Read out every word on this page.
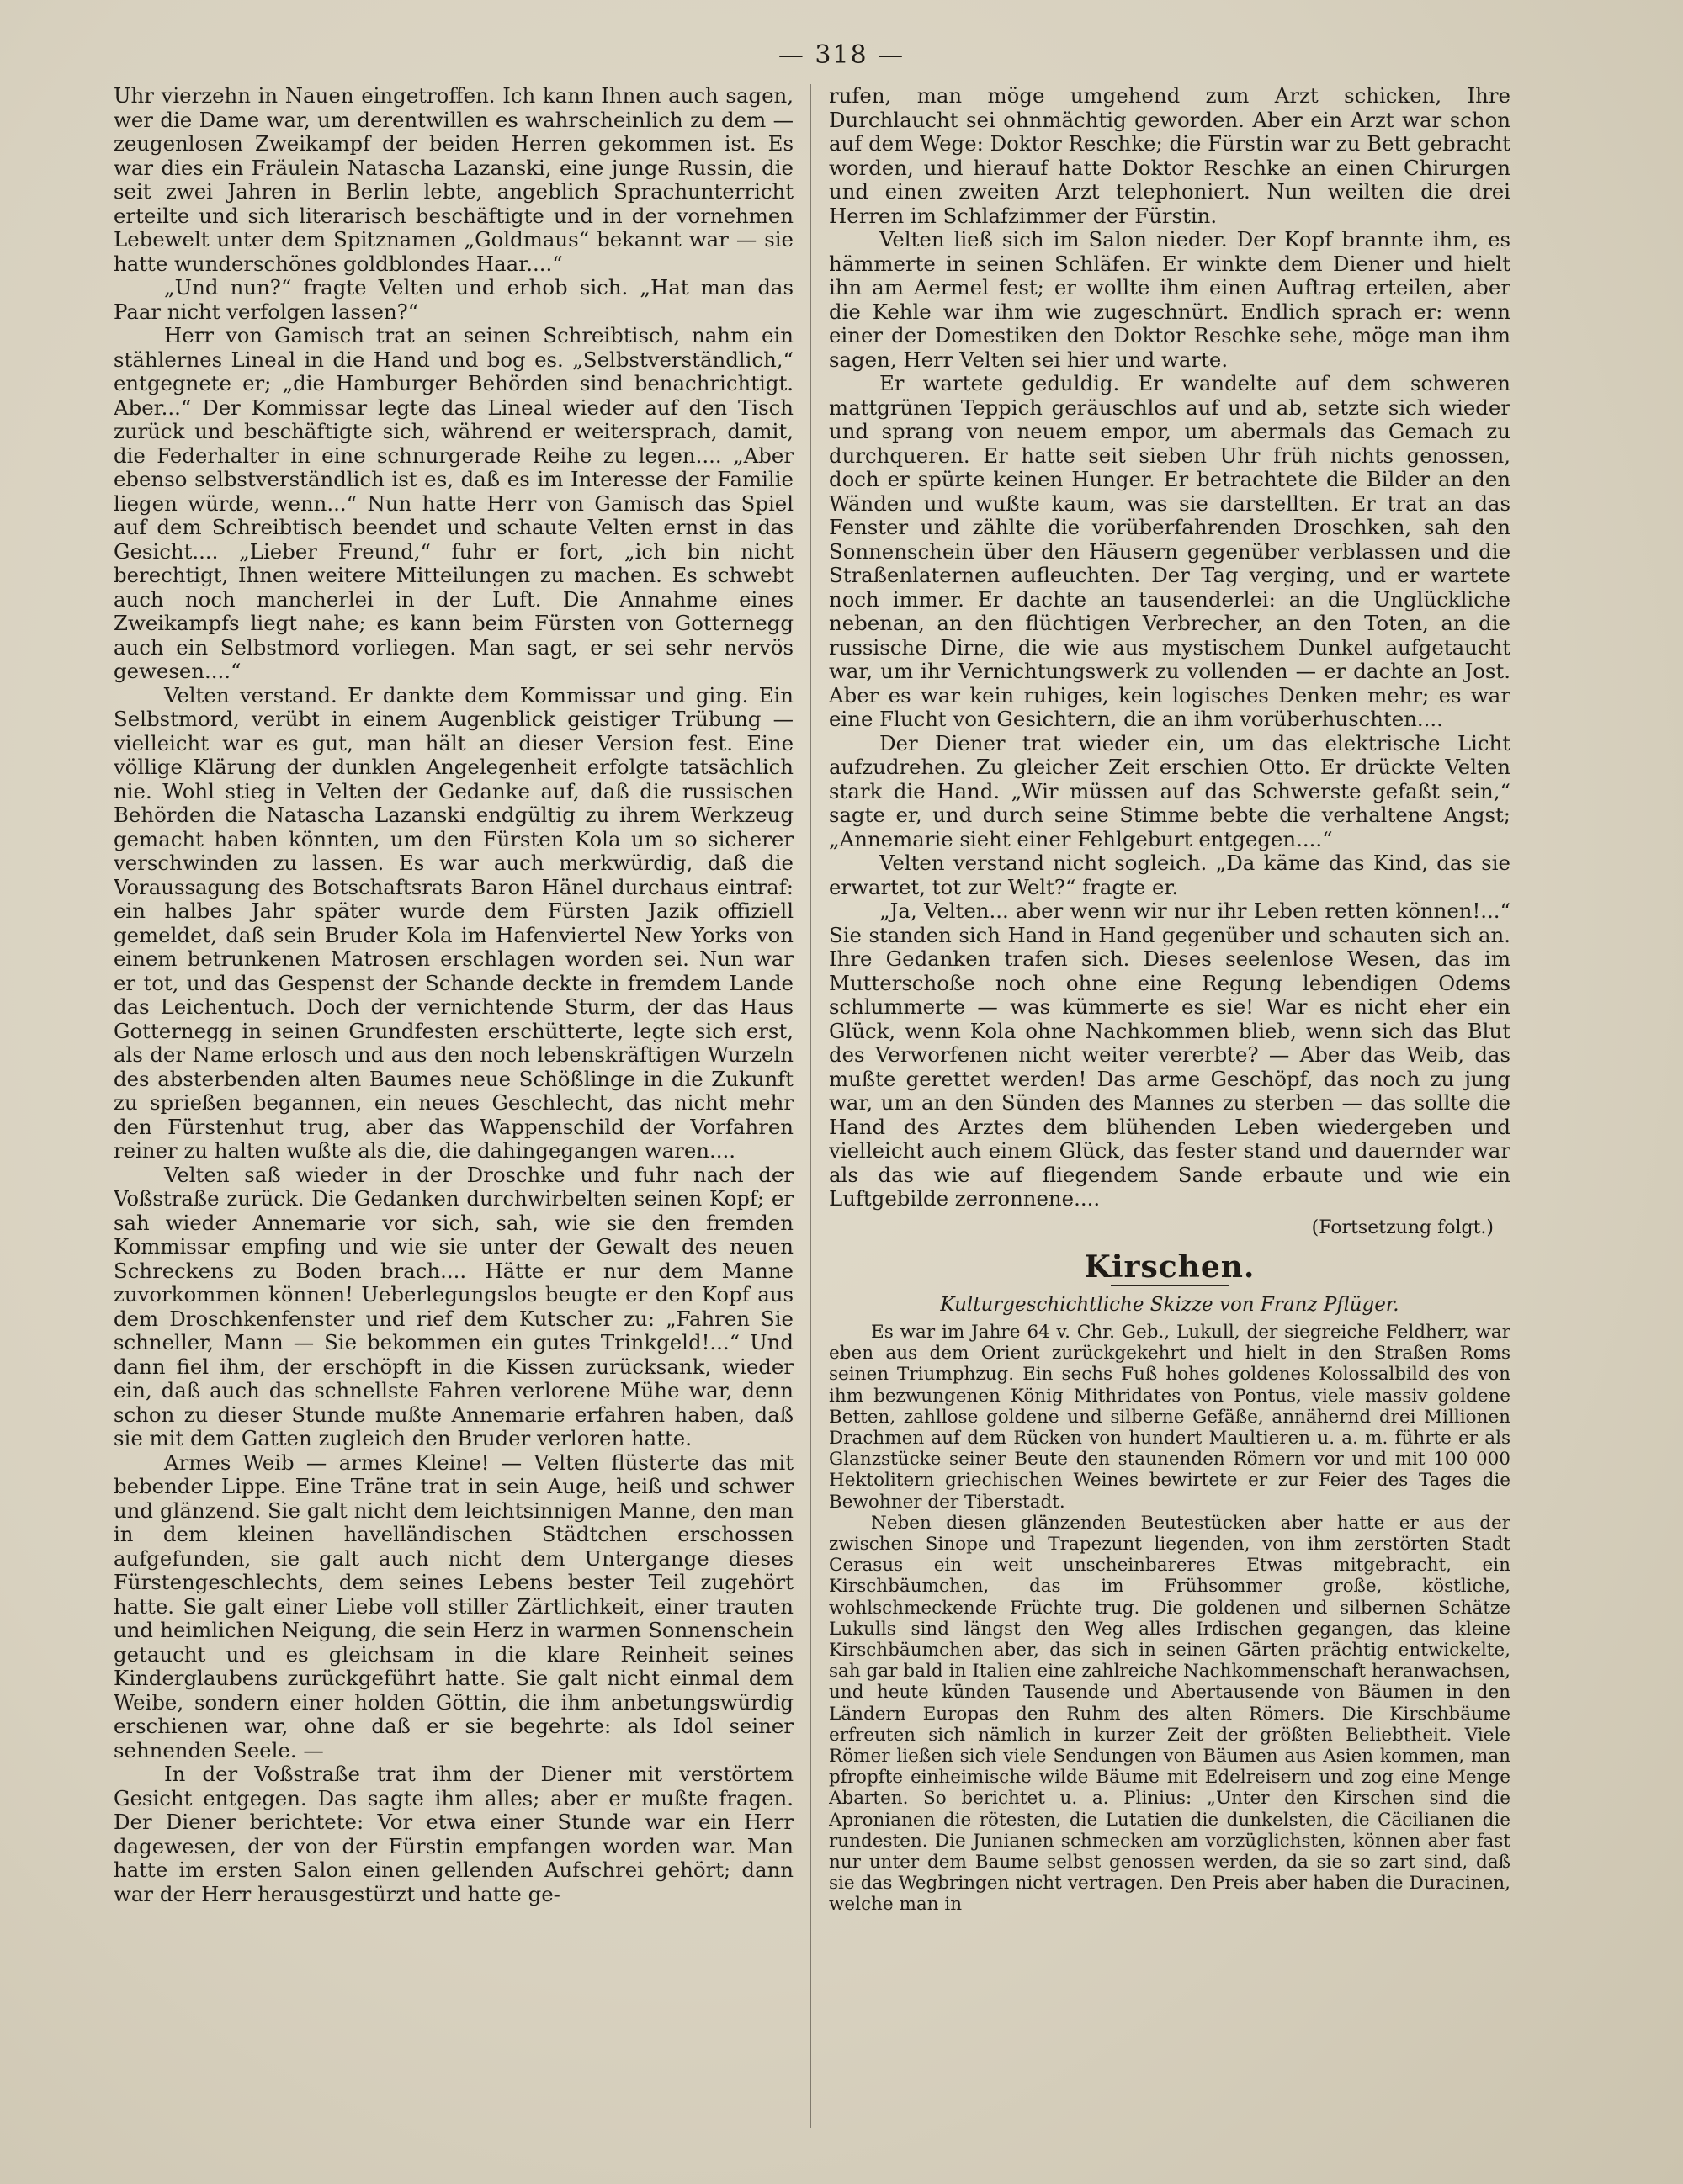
— 318 —

Uhr vierzehn in Nauen eingetroffen. Ich kann Ihnen auch sagen, wer die Dame war, um derentwillen es wahrscheinlich zu dem — zeugenlosen Zweikampf der beiden Herren gekommen ist. Es war dies ein Fräulein Natascha Lazanski, eine junge Russin, die seit zwei Jahren in Berlin lebte, angeblich Sprachunterricht erteilte und sich literarisch beschäftigte und in der vornehmen Lebewelt unter dem Spitznamen „Goldmaus“ bekannt war — sie hatte wunderschönes goldblondes Haar....“

„Und nun?“ fragte Velten und erhob sich. „Hat man das Paar nicht verfolgen lassen?“

Herr von Gamisch trat an seinen Schreibtisch, nahm ein stählernes Lineal in die Hand und bog es. „Selbstverständlich,“ entgegnete er; „die Hamburger Behörden sind benachrichtigt. Aber...“ Der Kommissar legte das Lineal wieder auf den Tisch zurück und beschäftigte sich, während er weitersprach, damit, die Federhalter in eine schnurgerade Reihe zu legen.... „Aber ebenso selbstverständlich ist es, daß es im Interesse der Familie liegen würde, wenn...“ Nun hatte Herr von Gamisch das Spiel auf dem Schreibtisch beendet und schaute Velten ernst in das Gesicht.... „Lieber Freund,“ fuhr er fort, „ich bin nicht berechtigt, Ihnen weitere Mitteilungen zu machen. Es schwebt auch noch mancherlei in der Luft. Die Annahme eines Zweikampfs liegt nahe; es kann beim Fürsten von Gotternegg auch ein Selbstmord vorliegen. Man sagt, er sei sehr nervös gewesen....“

Velten verstand. Er dankte dem Kommissar und ging. Ein Selbstmord, verübt in einem Augenblick geistiger Trübung — vielleicht war es gut, man hält an dieser Version fest. Eine völlige Klärung der dunklen Angelegenheit erfolgte tatsächlich nie. Wohl stieg in Velten der Gedanke auf, daß die russischen Behörden die Natascha Lazanski endgültig zu ihrem Werkzeug gemacht haben könnten, um den Fürsten Kola um so sicherer verschwinden zu lassen. Es war auch merkwürdig, daß die Voraussagung des Botschaftsrats Baron Hänel durchaus eintraf: ein halbes Jahr später wurde dem Fürsten Jazik offiziell gemeldet, daß sein Bruder Kola im Hafenviertel New Yorks von einem betrunkenen Matrosen erschlagen worden sei. Nun war er tot, und das Gespenst der Schande deckte in fremdem Lande das Leichentuch. Doch der vernichtende Sturm, der das Haus Gotternegg in seinen Grundfesten erschütterte, legte sich erst, als der Name erlosch und aus den noch lebenskräftigen Wurzeln des absterbenden alten Baumes neue Schößlinge in die Zukunft zu sprießen begannen, ein neues Geschlecht, das nicht mehr den Fürstenhut trug, aber das Wappenschild der Vorfahren reiner zu halten wußte als die, die dahingegangen waren....

Velten saß wieder in der Droschke und fuhr nach der Voßstraße zurück. Die Gedanken durchwirbelten seinen Kopf; er sah wieder Annemarie vor sich, sah, wie sie den fremden Kommissar empfing und wie sie unter der Gewalt des neuen Schreckens zu Boden brach.... Hätte er nur dem Manne zuvorkommen können! Ueberlegungslos beugte er den Kopf aus dem Droschkenfenster und rief dem Kutscher zu: „Fahren Sie schneller, Mann — Sie bekommen ein gutes Trinkgeld!...“ Und dann fiel ihm, der erschöpft in die Kissen zurücksank, wieder ein, daß auch das schnellste Fahren verlorene Mühe war, denn schon zu dieser Stunde mußte Annemarie erfahren haben, daß sie mit dem Gatten zugleich den Bruder verloren hatte.

Armes Weib — armes Kleine! — Velten flüsterte das mit bebender Lippe. Eine Träne trat in sein Auge, heiß und schwer und glänzend. Sie galt nicht dem leichtsinnigen Manne, den man in dem kleinen havelländischen Städtchen erschossen aufgefunden, sie galt auch nicht dem Untergange dieses Fürstengeschlechts, dem seines Lebens bester Teil zugehört hatte. Sie galt einer Liebe voll stiller Zärtlichkeit, einer trauten und heimlichen Neigung, die sein Herz in warmen Sonnenschein getaucht und es gleichsam in die klare Reinheit seines Kinderglaubens zurückgeführt hatte. Sie galt nicht einmal dem Weibe, sondern einer holden Göttin, die ihm anbetungswürdig erschienen war, ohne daß er sie begehrte: als Idol seiner sehnenden Seele. —

In der Voßstraße trat ihm der Diener mit verstörtem Gesicht entgegen. Das sagte ihm alles; aber er mußte fragen. Der Diener berichtete: Vor etwa einer Stunde war ein Herr dagewesen, der von der Fürstin empfangen worden war. Man hatte im ersten Salon einen gellenden Aufschrei gehört; dann war der Herr herausgestürzt und hatte ge-

rufen, man möge umgehend zum Arzt schicken, Ihre Durchlaucht sei ohnmächtig geworden. Aber ein Arzt war schon auf dem Wege: Doktor Reschke; die Fürstin war zu Bett gebracht worden, und hierauf hatte Doktor Reschke an einen Chirurgen und einen zweiten Arzt telephoniert. Nun weilten die drei Herren im Schlafzimmer der Fürstin.

Velten ließ sich im Salon nieder. Der Kopf brannte ihm, es hämmerte in seinen Schläfen. Er winkte dem Diener und hielt ihn am Aermel fest; er wollte ihm einen Auftrag erteilen, aber die Kehle war ihm wie zugeschnürt. Endlich sprach er: wenn einer der Domestiken den Doktor Reschke sehe, möge man ihm sagen, Herr Velten sei hier und warte.

Er wartete geduldig. Er wandelte auf dem schweren mattgrünen Teppich geräuschlos auf und ab, setzte sich wieder und sprang von neuem empor, um abermals das Gemach zu durchqueren. Er hatte seit sieben Uhr früh nichts genossen, doch er spürte keinen Hunger. Er betrachtete die Bilder an den Wänden und wußte kaum, was sie darstellten. Er trat an das Fenster und zählte die vorüberfahrenden Droschken, sah den Sonnenschein über den Häusern gegenüber verblassen und die Straßenlaternen aufleuchten. Der Tag verging, und er wartete noch immer. Er dachte an tausenderlei: an die Unglückliche nebenan, an den flüchtigen Verbrecher, an den Toten, an die russische Dirne, die wie aus mystischem Dunkel aufgetaucht war, um ihr Vernichtungswerk zu vollenden — er dachte an Jost. Aber es war kein ruhiges, kein logisches Denken mehr; es war eine Flucht von Gesichtern, die an ihm vorüberhuschten....

Der Diener trat wieder ein, um das elektrische Licht aufzudrehen. Zu gleicher Zeit erschien Otto. Er drückte Velten stark die Hand. „Wir müssen auf das Schwerste gefaßt sein,“ sagte er, und durch seine Stimme bebte die verhaltene Angst; „Annemarie sieht einer Fehlgeburt entgegen....“

Velten verstand nicht sogleich. „Da käme das Kind, das sie erwartet, tot zur Welt?“ fragte er.

„Ja, Velten... aber wenn wir nur ihr Leben retten können!...“ Sie standen sich Hand in Hand gegenüber und schauten sich an. Ihre Gedanken trafen sich. Dieses seelenlose Wesen, das im Mutterschoße noch ohne eine Regung lebendigen Odems schlummerte — was kümmerte es sie! War es nicht eher ein Glück, wenn Kola ohne Nachkommen blieb, wenn sich das Blut des Verworfenen nicht weiter vererbte? — Aber das Weib, das mußte gerettet werden! Das arme Geschöpf, das noch zu jung war, um an den Sünden des Mannes zu sterben — das sollte die Hand des Arztes dem blühenden Leben wiedergeben und vielleicht auch einem Glück, das fester stand und dauernder war als das wie auf fliegendem Sande erbaute und wie ein Luftgebilde zerronnene....

(Fortsetzung folgt.)
Kirschen.
Kulturgeschichtliche Skizze von Franz Pflüger.

Es war im Jahre 64 v. Chr. Geb., Lukull, der siegreiche Feldherr, war eben aus dem Orient zurückgekehrt und hielt in den Straßen Roms seinen Triumphzug. Ein sechs Fuß hohes goldenes Kolossalbild des von ihm bezwungenen König Mithridates von Pontus, viele massiv goldene Betten, zahllose goldene und silberne Gefäße, annähernd drei Millionen Drachmen auf dem Rücken von hundert Maultieren u. a. m. führte er als Glanzstücke seiner Beute den staunenden Römern vor und mit 100 000 Hektolitern griechischen Weines bewirtete er zur Feier des Tages die Bewohner der Tiberstadt.

Neben diesen glänzenden Beutestücken aber hatte er aus der zwischen Sinope und Trapezunt liegenden, von ihm zerstörten Stadt Cerasus ein weit unscheinbareres Etwas mitgebracht, ein Kirschbäumchen, das im Frühsommer große, köstliche, wohlschmeckende Früchte trug. Die goldenen und silbernen Schätze Lukulls sind längst den Weg alles Irdischen gegangen, das kleine Kirschbäumchen aber, das sich in seinen Gärten prächtig entwickelte, sah gar bald in Italien eine zahlreiche Nachkommenschaft heranwachsen, und heute künden Tausende und Abertausende von Bäumen in den Ländern Europas den Ruhm des alten Römers. Die Kirschbäume erfreuten sich nämlich in kurzer Zeit der größten Beliebtheit. Viele Römer ließen sich viele Sendungen von Bäumen aus Asien kommen, man pfropfte einheimische wilde Bäume mit Edelreisern und zog eine Menge Abarten. So berichtet u. a. Plinius: „Unter den Kirschen sind die Apronianen die rötesten, die Lutatien die dunkelsten, die Cäcilianen die rundesten. Die Junianen schmecken am vorzüglichsten, können aber fast nur unter dem Baume selbst genossen werden, da sie so zart sind, daß sie das Wegbringen nicht vertragen. Den Preis aber haben die Duracinen, welche man in
